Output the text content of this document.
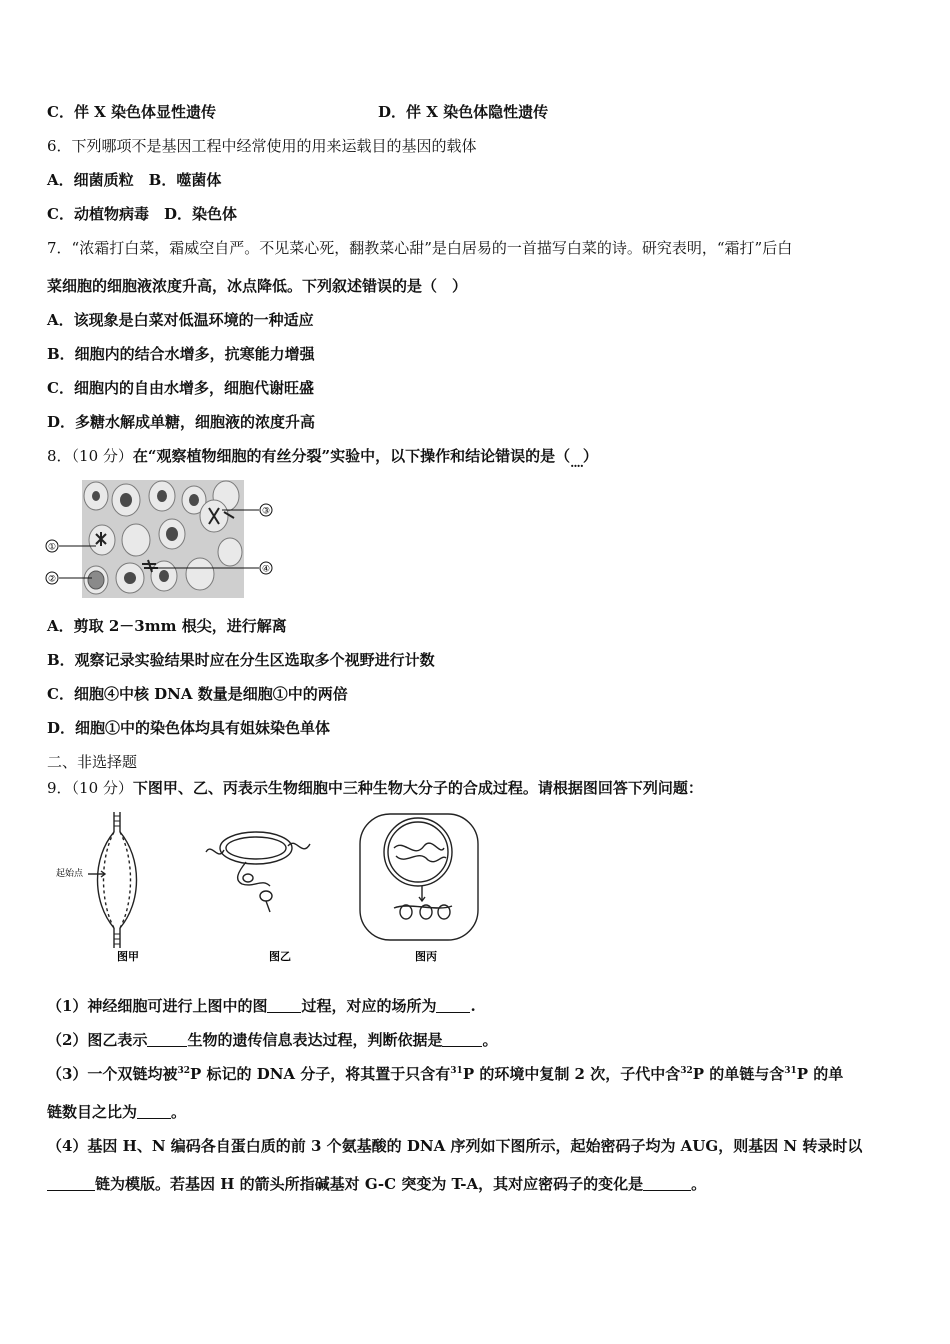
C．伴 X 染色体显性遗传	D．伴 X 染色体隐性遗传
6．下列哪项不是基因工程中经常使用的用来运载目的基因的载体
A．细菌质粒　B．噬菌体
C．动植物病毒　D．染色体
7．“浓霜打白菜，霜威空自严。不见菜心死，翻教菜心甜”是白居易的一首描写白菜的诗。研究表明，“霜打”后白
菜细胞的细胞液浓度升高，冰点降低。下列叙述错误的是（　）
A．该现象是白菜对低温环境的一种适应
B．细胞内的结合水增多，抗寒能力增强
C．细胞内的自由水增多，细胞代谢旺盛
D．多糖水解成单糖，细胞液的浓度升高
8．（10 分）在“观察植物细胞的有丝分裂”实验中，以下操作和结论错误的是$(_{....})$
①
②
③
④
A．剪取 2－3mm 根尖，进行解离
B．观察记录实验结果时应在分生区选取多个视野进行计数
C．细胞④中核 DNA 数量是细胞①中的两倍
D．细胞①中的染色体均具有姐妹染色单体
二、非选择题
9．（10 分）下图甲、乙、丙表示生物细胞中三种生物大分子的合成过程。请根据图回答下列问题：
起始点
图甲	图乙	图丙
（1）神经细胞可进行上图中的图 过程，对应的场所为 .
（2）图乙表示	生物的遗传信息表达过程，判断依据是	。
（3）一个双链均被$^{32}$P 标记的 DNA 分子，将其置于只含有$^{31}$P 的环境中复制 2 次，子代中含$^{32}$P 的单链与含$^{31}$P 的单
链数目之比为 。
（4）基因 H、N 编码各自蛋白质的前 3 个氨基酸的 DNA 序列如下图所示，起始密码子均为 AUG，则基因 N 转录时以
链为模版。若基因 H 的箭头所指碱基对 G-C 突变为 T-A，其对应密码子的变化是	。
